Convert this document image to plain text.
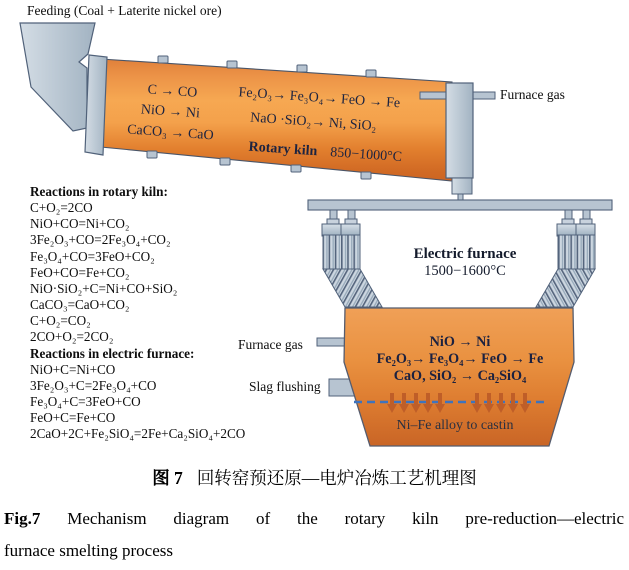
Feeding (Coal + Laterite nickel ore)
Furnace gas
C → CO
NiO → Ni
CaCO₃ → CaO
Fe₂O₃→ Fe₃O₄→ FeO → Fe
NaO ·SiO₂→ Ni, SiO₂
Rotary kiln 850−1000°C
Reactions in rotary kiln:
C+O₂=2CO
NiO+CO=Ni+CO₂
3Fe₂O₃+CO=2Fe₃O₄+CO₂
Fe₃O₄+CO=3FeO+CO₂
FeO+CO=Fe+CO₂
NiO·SiO₂+C=Ni+CO+SiO₂
CaCO₃=CaO+CO₂
C+O₂=CO₂
2CO+O₂=2CO₂
Reactions in electric furnace:
NiO+C=Ni+CO
3Fe₂O₃+C=2Fe₃O₄+CO
Fe₃O₄+C=3FeO+CO
FeO+C=Fe+CO
2CaO+2C+Fe₂SiO₄=2Fe+Ca₂SiO₄+2CO
Electric furnace
1500−1600°C
Furnace gas
Slag flushing
NiO → Ni
Fe₂O₃→ Fe₃O₄→ FeO → Fe
CaO, SiO₂ → Ca₂SiO₄
Ni–Fe alloy to castin
图 7 回转窑预还原—电炉冶炼工艺机理图
Fig.7 Mechanism diagram of the rotary kiln pre-reduction—electric
furnace smelting process
